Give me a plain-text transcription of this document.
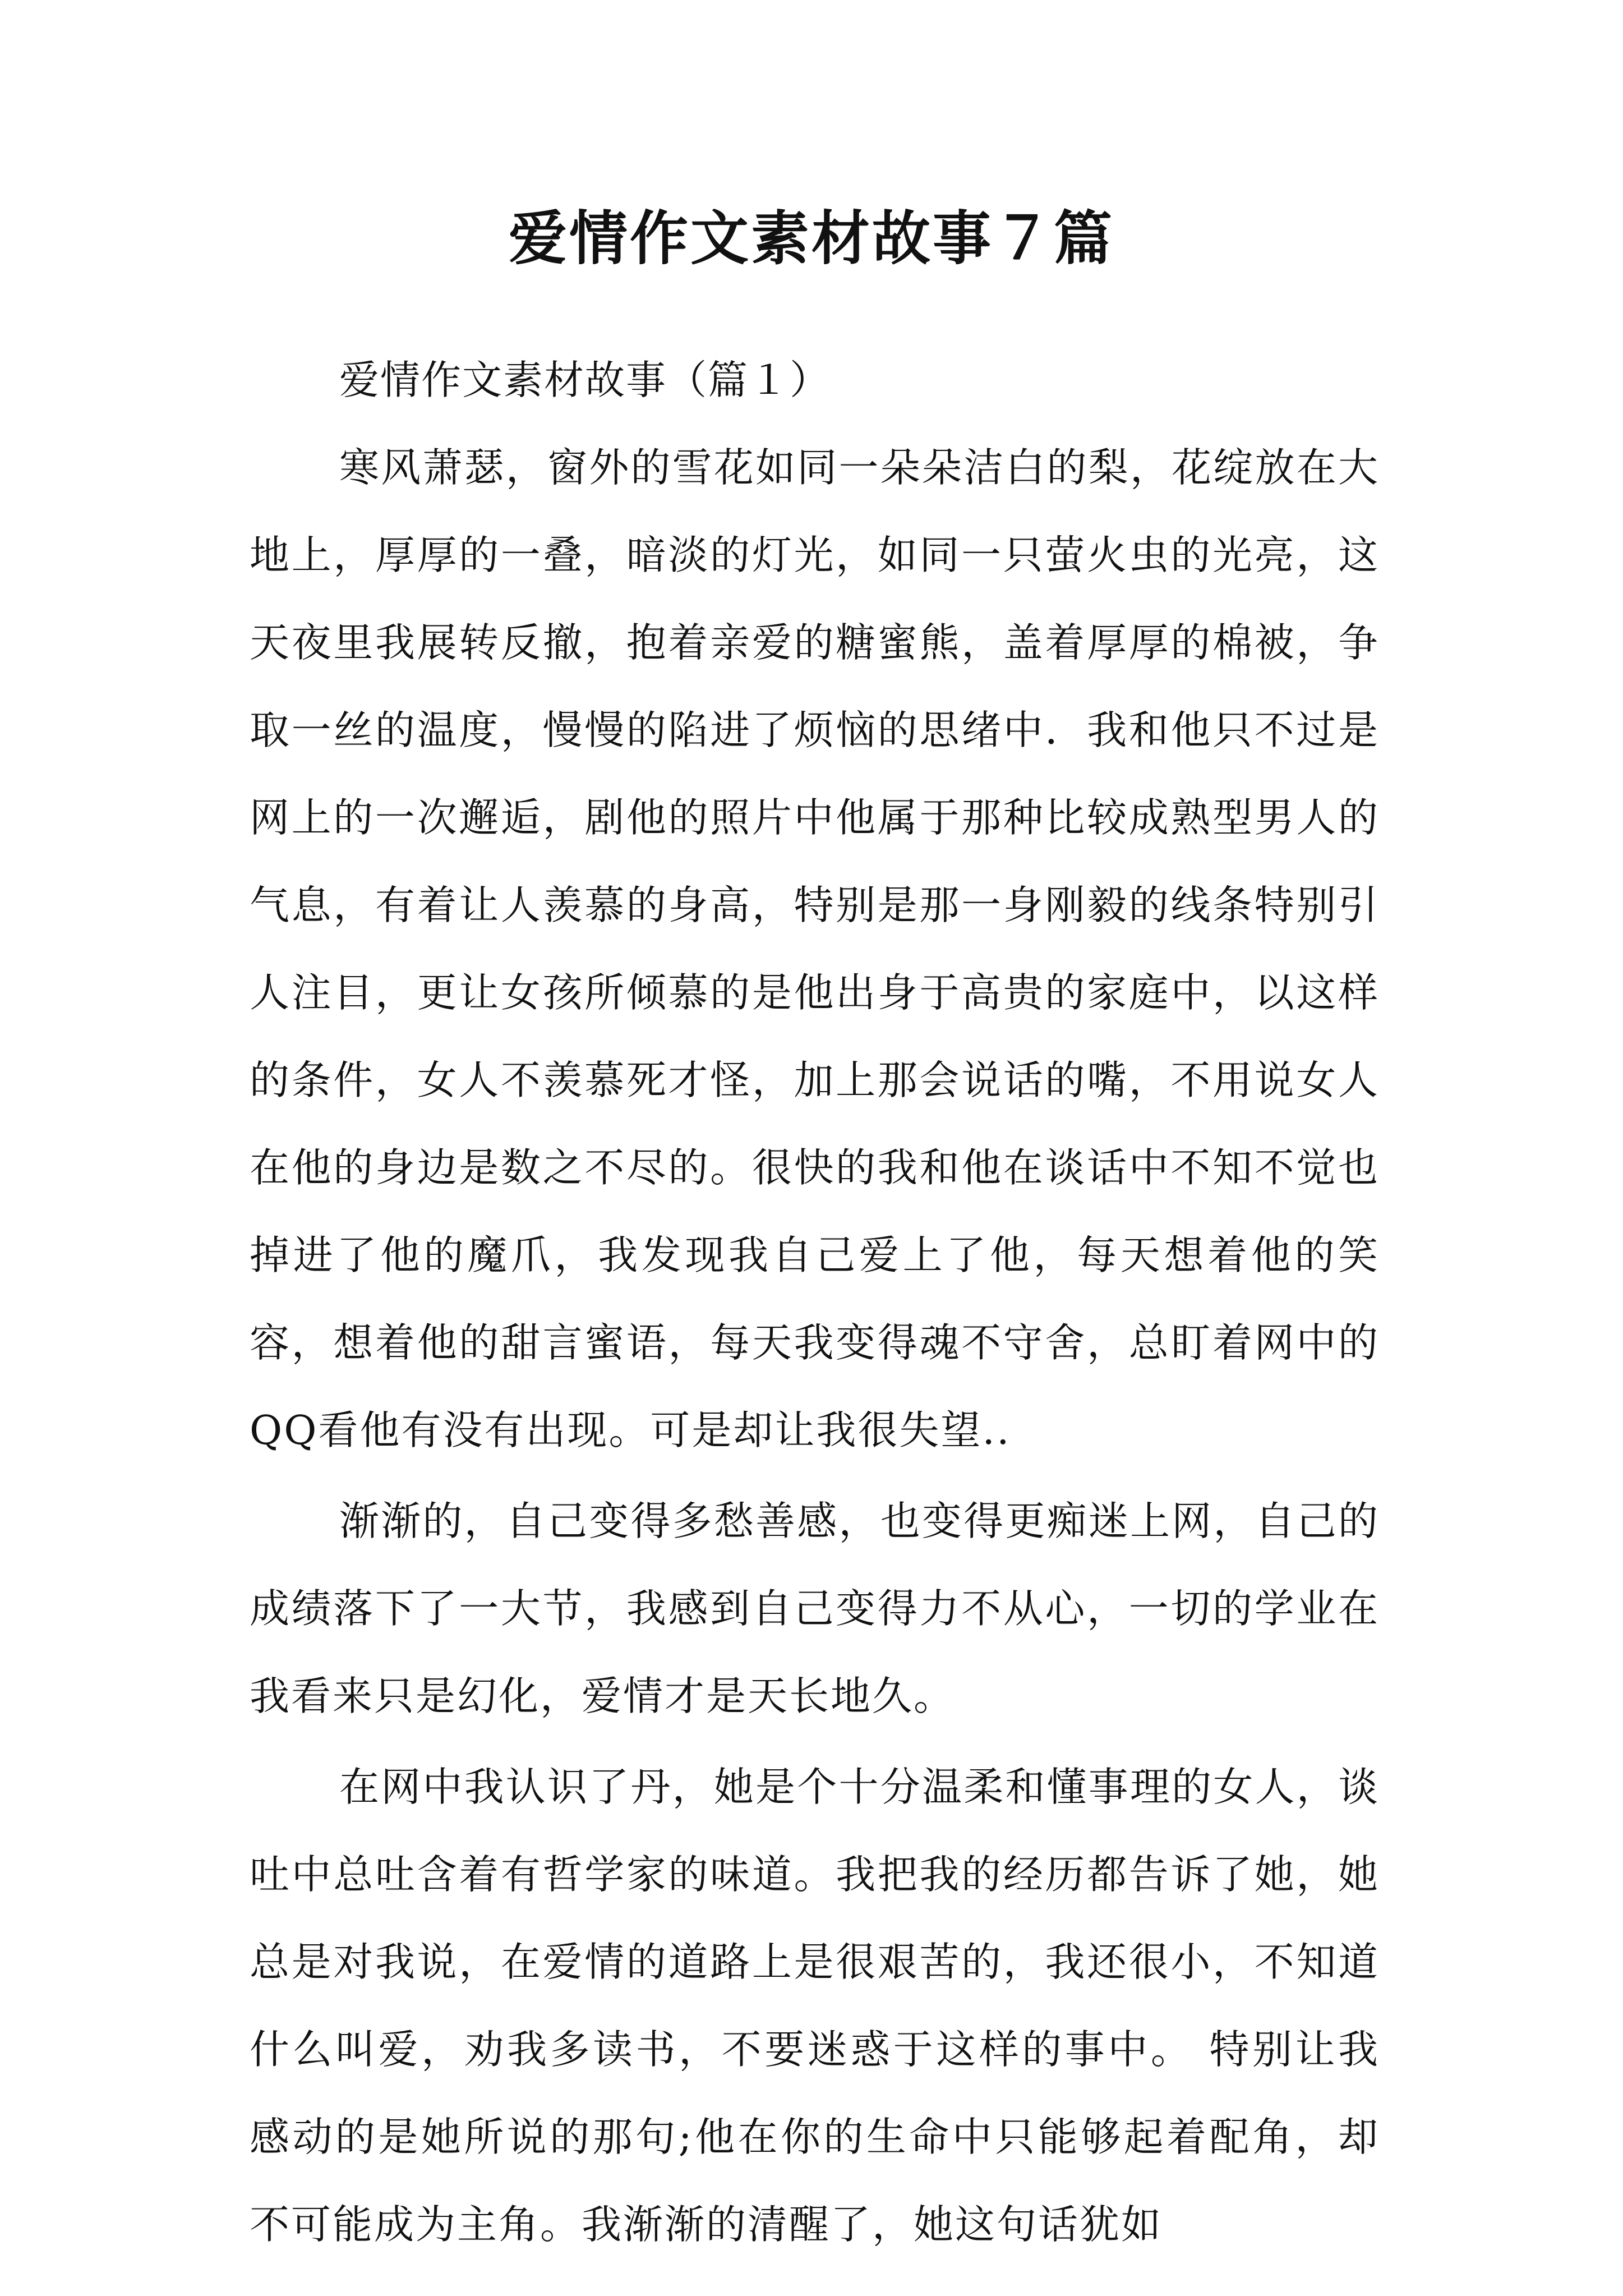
爱情作文素材故事７篇

爱情作文素材故事（篇１）

寒风萧瑟，窗外的雪花如同一朵朵洁白的梨，花绽放在大地上，厚厚的一叠，暗淡的灯光，如同一只萤火虫的光亮，这天夜里我展转反撤，抱着亲爱的糖蜜熊，盖着厚厚的棉被，争取一丝的温度，慢慢的陷进了烦恼的思绪中．我和他只不过是网上的一次邂逅，剧他的照片中他属于那种比较成熟型男人的气息，有着让人羡慕的身高，特别是那一身刚毅的线条特别引人注目，更让女孩所倾慕的是他出身于高贵的家庭中，以这样的条件，女人不羡慕死才怪，加上那会说话的嘴，不用说女人在他的身边是数之不尽的。很快的我和他在谈话中不知不觉也掉进了他的魔爪，我发现我自己爱上了他，每天想着他的笑容，想着他的甜言蜜语，每天我变得魂不守舍，总盯着网中的QQ看他有没有出现。可是却让我很失望..

渐渐的，自己变得多愁善感，也变得更痴迷上网，自己的成绩落下了一大节，我感到自己变得力不从心，一切的学业在我看来只是幻化，爱情才是天长地久。

在网中我认识了丹，她是个十分温柔和懂事理的女人，谈吐中总吐含着有哲学家的味道。我把我的经历都告诉了她，她总是对我说，在爱情的道路上是很艰苦的，我还很小，不知道什么叫爱，劝我多读书，不要迷惑于这样的事中。 特别让我感动的是她所说的那句;他在你的生命中只能够起着配角，却不可能成为主角。我渐渐的清醒了，她这句话犹如
